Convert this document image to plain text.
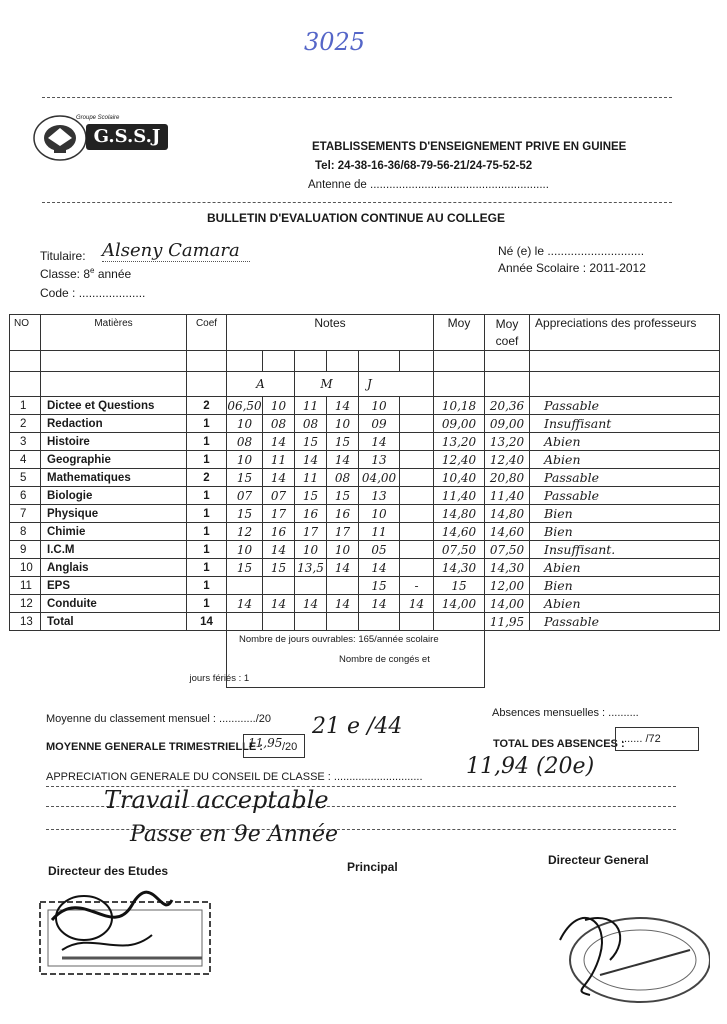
3025
Groupe Scolaire
G.S.S.J	ETABLISSEMENTS D'ENSEIGNEMENT PRIVE EN GUINEE
Tel: 24-38-16-36/68-79-56-21/24-75-52-52
Antenne de ........................................................
BULLETIN D'EVALUATION CONTINUE AU COLLEGE
Titulaire: Alseny Camara
Classe: 8e année
Code : ....................
Né (e) le .............................
Année Scolaire : 2011-2012
NO	Matières	Coef	Notes						Moy	Moy coef	Appreciations des professeurs

			A		M		J				
1	Dictee et Questions	2	06,50	10	11	14	10		10,18	20,36	Passable
2	Redaction	1	10	08	08	10	09		09,00	09,00	Insuffisant
3	Histoire	1	08	14	15	15	14		13,20	13,20	Abien
4	Geographie	1	10	11	14	14	13		12,40	12,40	Abien
5	Mathematiques	2	15	14	11	08	04,00		10,40	20,80	Passable
6	Biologie	1	07	07	15	15	13		11,40	11,40	Passable
7	Physique	1	15	17	16	16	10		14,80	14,80	Bien
8	Chimie	1	12	16	17	17	11		14,60	14,60	Bien
9	I.C.M	1	10	14	10	10	05		07,50	07,50	Insuffisant.
10	Anglais	1	15	15	13,5	14	14		14,30	14,30	Abien
11	EPS	1					15	-	15	12,00	Bien
12	Conduite	1	14	14	14	14	14	14	14,00	14,00	Abien
13	Total	14								11,95	Passable
			Nombre de jours ouvrables: 165/année scolaire								
			Nombre de congés et								
jours fériés : 1											
Moyenne du classement mensuel : ............/20 21 e /44
Absences mensuelles : ..........
MOYENNE GENERALE TRIMESTRIELLE :
11,95 /20	TOTAL DES ABSENCES :
....... /72
APPRECIATION GENERALE DU CONSEIL DE CLASSE : ............................. 11,94 (20e)
Travail acceptable
Passe en 9e Année
Directeur des Etudes	Principal	Directeur General
